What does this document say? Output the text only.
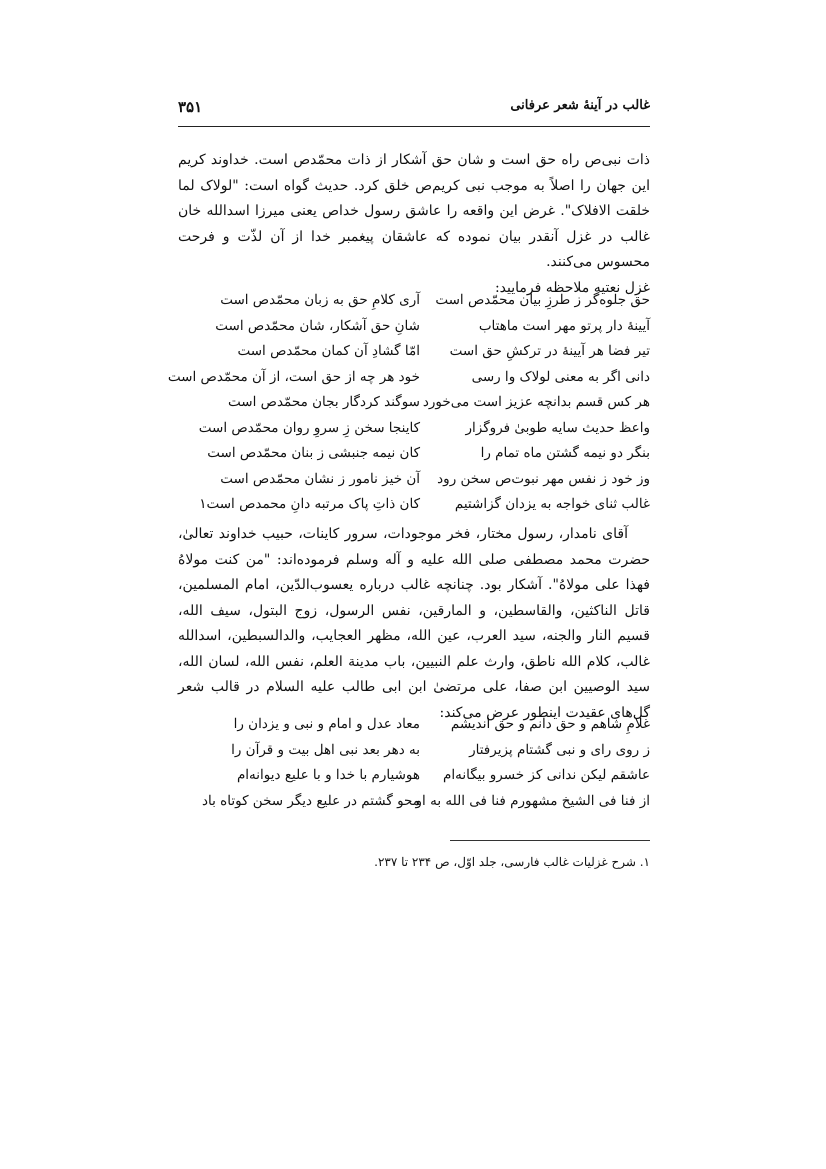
۳۵۱	غالب در آینهٔ شعر عرفانی

ذات نبی‌ص راه حق است و شان حق آشکار از ذات محمّدص است. خداوند کریم این جهان را اصلاً به موجب نبی کریم‌ص خلق کرد. حدیث گواه است: "لولاک لما خلقت الافلاک". غرض این واقعه را عاشق رسول خداص یعنی میرزا اسدالله خان غالب در غزل آنقدر بیان نموده که عاشقان پیغمبر خدا از آن لذّت و فرحت محسوس می‌کنند.

غزل نعتیه ملاحظه فرمایید:

حق جلوه‌گر ز طرزِ بیان محمّدص است
آری کلامِ حق به زبان محمّدص است
آیینهٔ دار پرتو مهر است ماهتاب
شانِ حق آشکار، شان محمّدص است
تیر فضا هر آیینهٔ در ترکشِ حق است
امّا گشادِ آن کمان محمّدص است
دانی اگر به معنی لولاک وا رسی
خود هر چه از حق است، از آن محمّدص است
هر کس قسم بدانچه عزیز است می‌خورد
سوگند کردگار بجان محمّدص است
واعظ حدیث سایه طوبیٰ فروگزار
کاینجا سخن زِ سروِ روان محمّدص است
بنگر دو نیمه گشتن ماه تمام را
کان نیمه جنبشی ز بنان محمّدص است
وز خود ز نفس مهر نبوت‌ص سخن رود
آن خیز نامور ز نشان محمّدص است
غالب ثنای خواجه به یزدان گزاشتیم
کان ذاتِ پاک مرتبه دانِ محمدص است۱

آقای نامدار، رسول مختار، فخر موجودات، سرور کاینات، حبیب خداوند تعالیٰ، حضرت محمد مصطفی صلی الله علیه و آله وسلم فرموده‌اند: "من کنت مولاهُ فهذا علی مولاهُ". آشکار بود. چنانچه غالب درباره یعسوب‌الدّین، امام المسلمین، قاتل الناکثین، والقاسطین، و المارقین، نفس الرسول، زوج البتول، سیف الله، قسیم النار والجنه، سید العرب، عین الله، مظهر العجایب، والدالسبطین، اسدالله غالب، کلام الله ناطق، وارث علم النبیین، باب مدینة العلم، نفس الله، لسان الله، سید الوصیین ابن صفا، علی مرتضیٰ ابن ابی طالب علیه السلام در قالب شعر گل‌های عقیدت اینطور عرض می‌کند:

غلامِ شاهم و حق دانم و حق اندیشم
معاد عدل و امام و نبی و یزدان را
ز روی رای و نبی گشتام پزیرفتار
به دهر بعد نبی اهل بیت و قرآن را
عاشقم لیکن ندانی کز خسرو بیگانه‌ام
هوشیارم با خدا و با علیع دیوانه‌ام
از فنا فی الشیخ مشهورم فنا فی الله به او
محو گشتم در علیع دیگر سخن کوتاه باد
۱. شرح غزلیات غالب فارسی، جلد اوّل، ص ۲۳۴ تا ۲۳۷.
